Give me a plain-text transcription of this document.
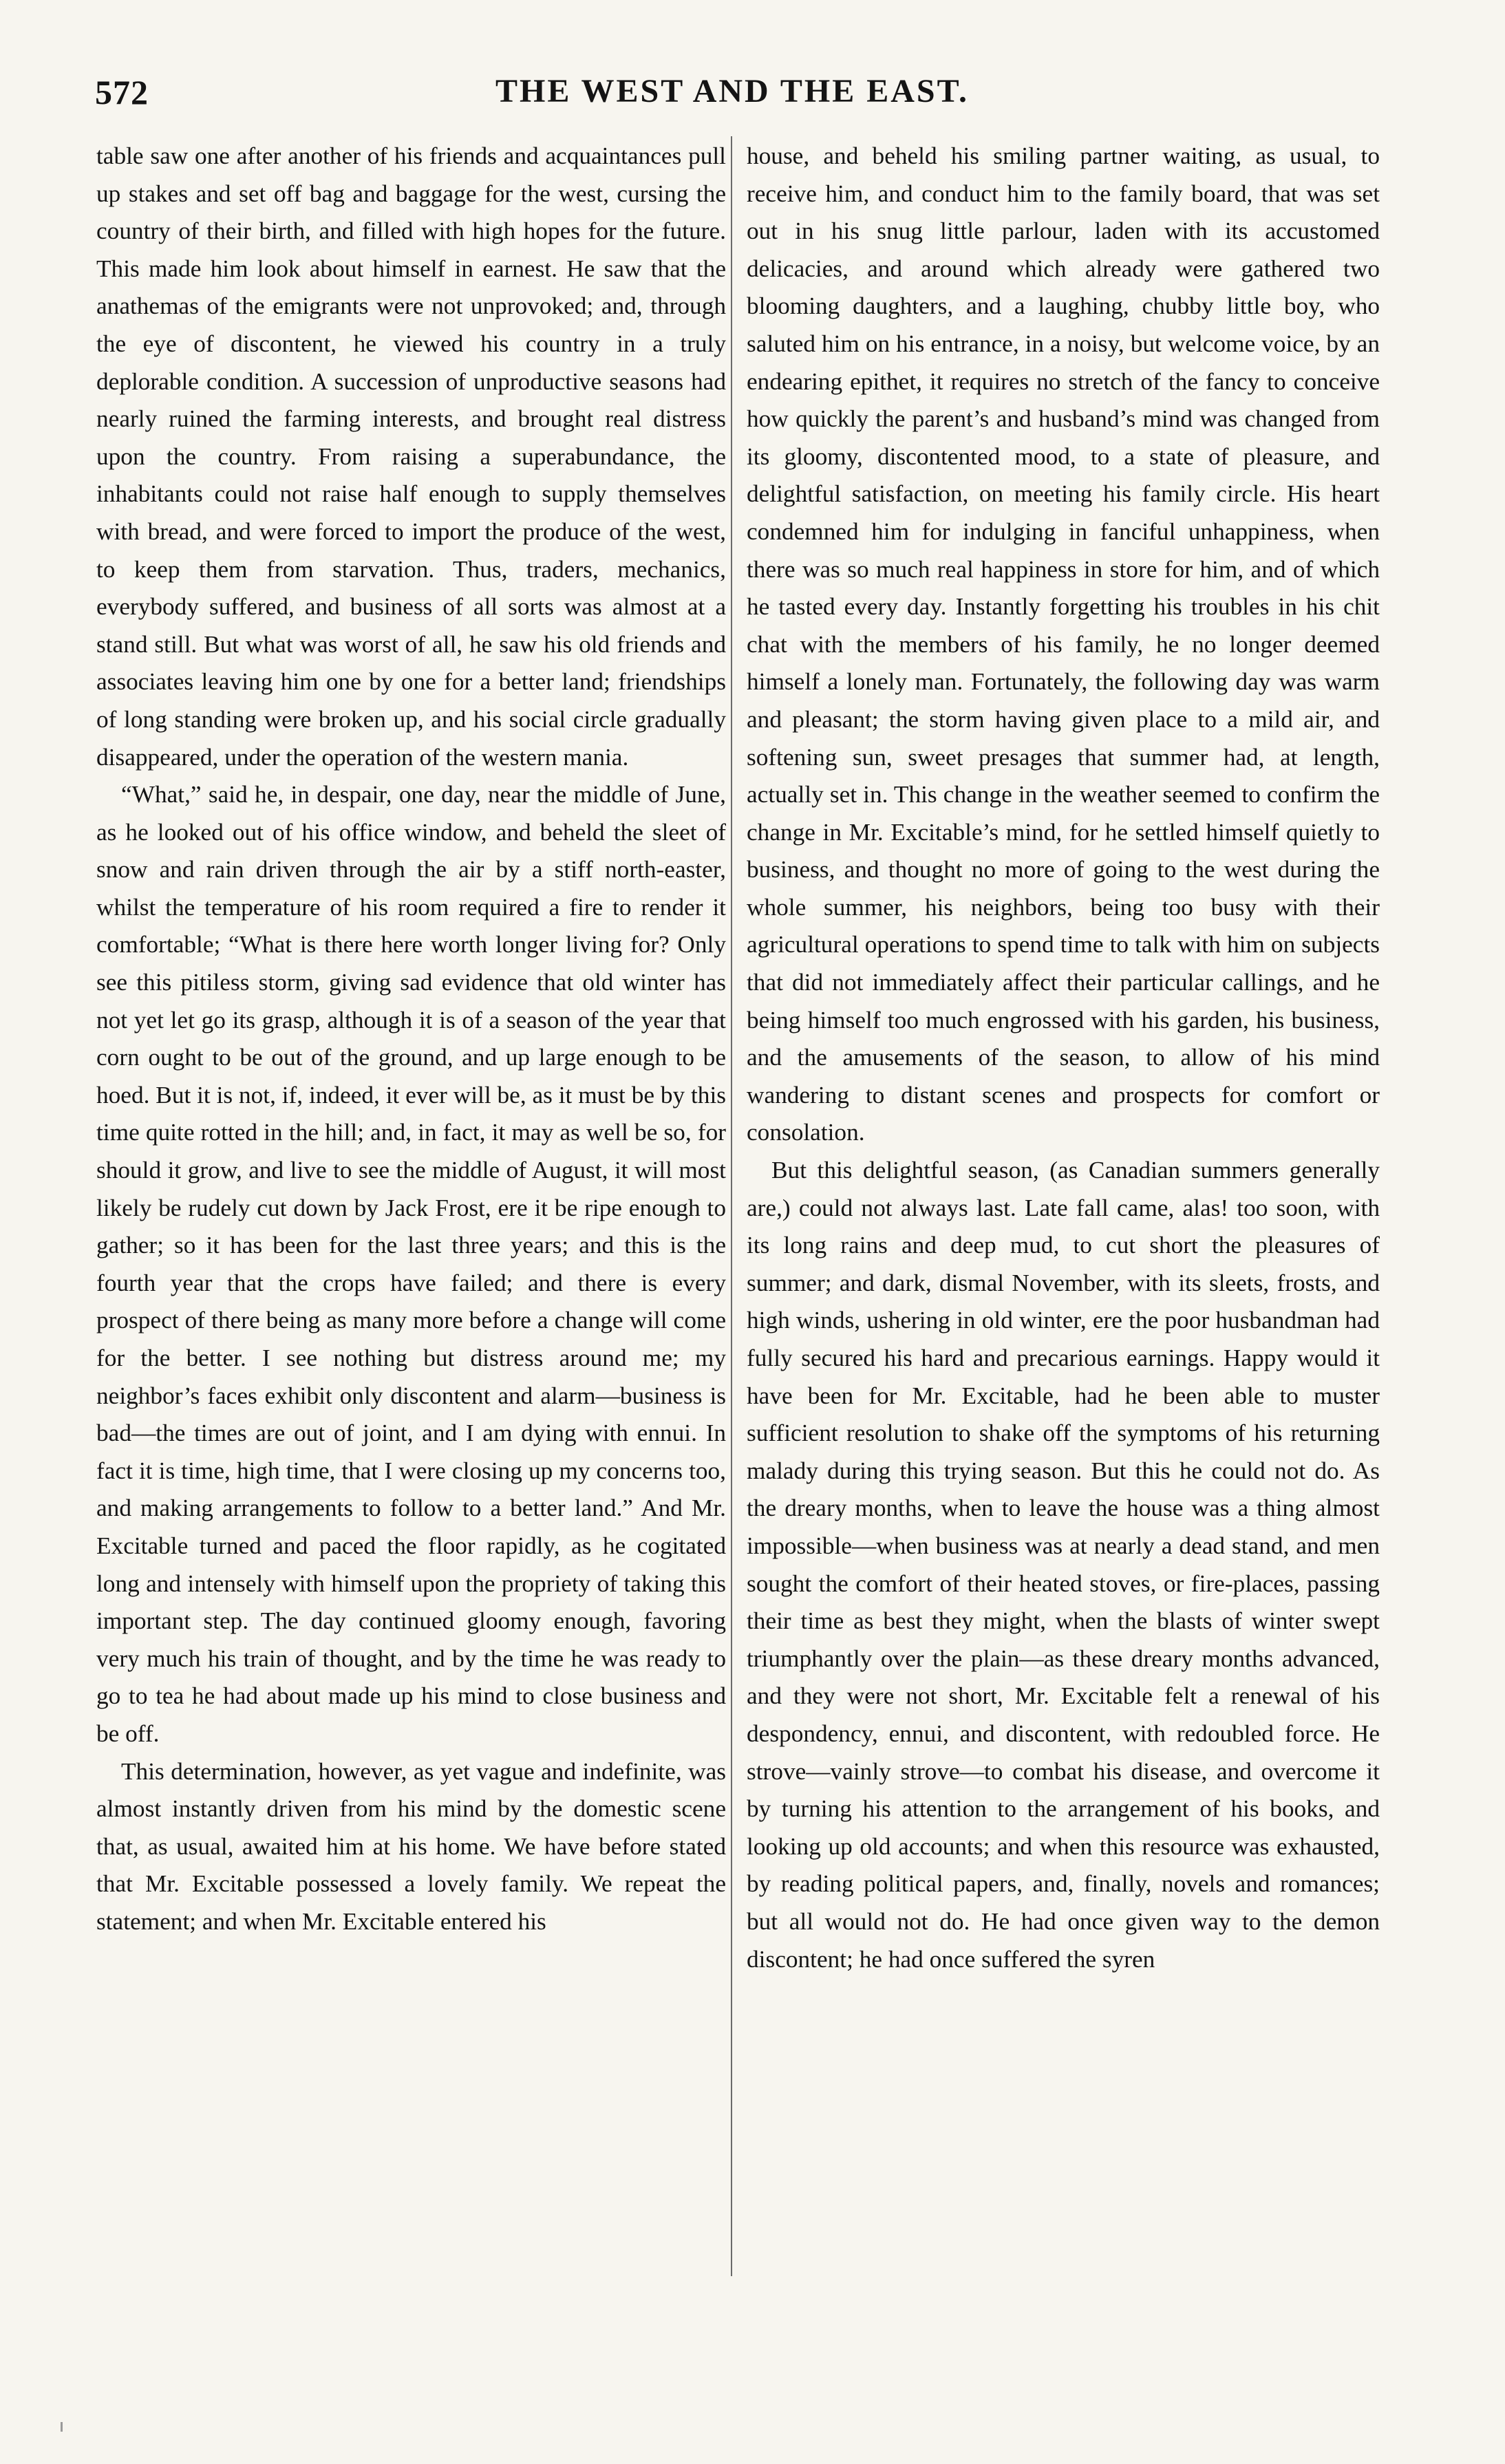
572	THE WEST AND THE EAST.

table saw one after another of his friends and acquaintances pull up stakes and set off bag and baggage for the west, cursing the country of their birth, and filled with high hopes for the future. This made him look about himself in earnest. He saw that the anathemas of the emigrants were not unprovoked; and, through the eye of discontent, he viewed his country in a truly deplorable condition. A succession of unproductive seasons had nearly ruined the farming interests, and brought real distress upon the country. From raising a superabundance, the inhabitants could not raise half enough to supply themselves with bread, and were forced to import the produce of the west, to keep them from starvation. Thus, traders, mechanics, everybody suffered, and business of all sorts was almost at a stand still. But what was worst of all, he saw his old friends and associates leaving him one by one for a better land; friendships of long standing were broken up, and his social circle gradually disappeared, under the operation of the western mania.

“What,” said he, in despair, one day, near the middle of June, as he looked out of his office window, and beheld the sleet of snow and rain driven through the air by a stiff north-easter, whilst the temperature of his room required a fire to render it comfortable; “What is there here worth longer living for? Only see this pitiless storm, giving sad evidence that old winter has not yet let go its grasp, although it is of a season of the year that corn ought to be out of the ground, and up large enough to be hoed. But it is not, if, indeed, it ever will be, as it must be by this time quite rotted in the hill; and, in fact, it may as well be so, for should it grow, and live to see the middle of August, it will most likely be rudely cut down by Jack Frost, ere it be ripe enough to gather; so it has been for the last three years; and this is the fourth year that the crops have failed; and there is every prospect of there being as many more before a change will come for the better. I see nothing but distress around me; my neighbor’s faces exhibit only discontent and alarm—business is bad—the times are out of joint, and I am dying with ennui. In fact it is time, high time, that I were closing up my concerns too, and making arrangements to follow to a better land.” And Mr. Excitable turned and paced the floor rapidly, as he cogitated long and intensely with himself upon the propriety of taking this important step. The day continued gloomy enough, favoring very much his train of thought, and by the time he was ready to go to tea he had about made up his mind to close business and be off.

This determination, however, as yet vague and indefinite, was almost instantly driven from his mind by the domestic scene that, as usual, awaited him at his home. We have before stated that Mr. Excitable possessed a lovely family. We repeat the statement; and when Mr. Excitable entered his

house, and beheld his smiling partner waiting, as usual, to receive him, and conduct him to the family board, that was set out in his snug little parlour, laden with its accustomed delicacies, and around which already were gathered two blooming daughters, and a laughing, chubby little boy, who saluted him on his entrance, in a noisy, but welcome voice, by an endearing epithet, it requires no stretch of the fancy to conceive how quickly the parent’s and husband’s mind was changed from its gloomy, discontented mood, to a state of pleasure, and delightful satisfaction, on meeting his family circle. His heart condemned him for indulging in fanciful unhappiness, when there was so much real happiness in store for him, and of which he tasted every day. Instantly forgetting his troubles in his chit chat with the members of his family, he no longer deemed himself a lonely man. Fortunately, the following day was warm and pleasant; the storm having given place to a mild air, and softening sun, sweet presages that summer had, at length, actually set in. This change in the weather seemed to confirm the change in Mr. Excitable’s mind, for he settled himself quietly to business, and thought no more of going to the west during the whole summer, his neighbors, being too busy with their agricultural operations to spend time to talk with him on subjects that did not immediately affect their particular callings, and he being himself too much engrossed with his garden, his business, and the amusements of the season, to allow of his mind wandering to distant scenes and prospects for comfort or consolation.

But this delightful season, (as Canadian summers generally are,) could not always last. Late fall came, alas! too soon, with its long rains and deep mud, to cut short the pleasures of summer; and dark, dismal November, with its sleets, frosts, and high winds, ushering in old winter, ere the poor husbandman had fully secured his hard and precarious earnings. Happy would it have been for Mr. Excitable, had he been able to muster sufficient resolution to shake off the symptoms of his returning malady during this trying season. But this he could not do. As the dreary months, when to leave the house was a thing almost impossible—when business was at nearly a dead stand, and men sought the comfort of their heated stoves, or fire-places, passing their time as best they might, when the blasts of winter swept triumphantly over the plain—as these dreary months advanced, and they were not short, Mr. Excitable felt a renewal of his despondency, ennui, and discontent, with redoubled force. He strove—vainly strove—to combat his disease, and overcome it by turning his attention to the arrangement of his books, and looking up old accounts; and when this resource was exhausted, by reading political papers, and, finally, novels and romances; but all would not do. He had once given way to the demon discontent; he had once suffered the syren
